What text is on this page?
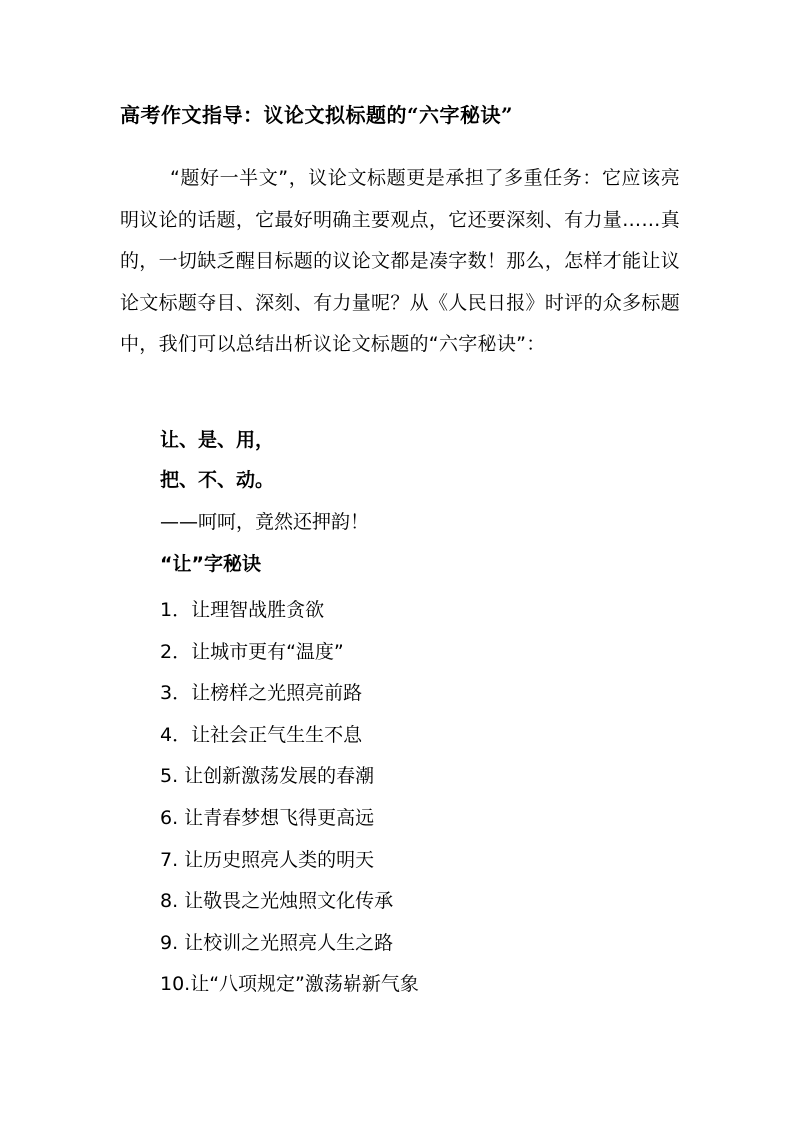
高考作文指导：议论文拟标题的“六字秘诀”

“题好一半文”，议论文标题更是承担了多重任务：它应该亮明议论的话题，它最好明确主要观点，它还要深刻、有力量……真的，一切缺乏醒目标题的议论文都是凑字数！那么，怎样才能让议论文标题夺目、深刻、有力量呢？从《人民日报》时评的众多标题中，我们可以总结出析议论文标题的“六字秘诀”：

让、是、用，
把、不、动。
——呵呵，竟然还押韵！
“让”字秘诀
1．让理智战胜贪欲
2．让城市更有“温度”
3．让榜样之光照亮前路
4．让社会正气生生不息
5. 让创新激荡发展的春潮
6. 让青春梦想飞得更高远
7. 让历史照亮人类的明天
8. 让敬畏之光烛照文化传承
9. 让校训之光照亮人生之路
10.让“八项规定”激荡崭新气象
